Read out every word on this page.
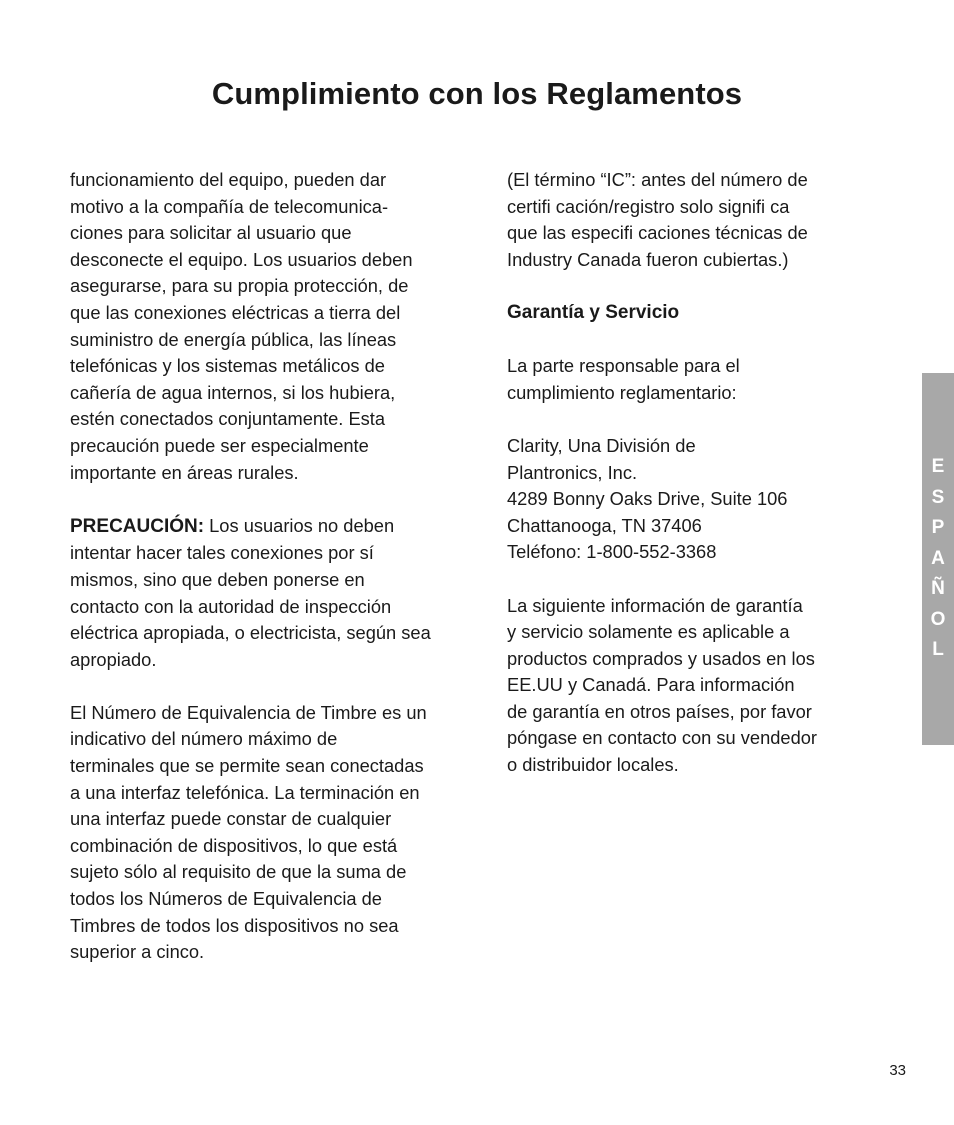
Cumplimiento con los Reglamentos

funcionamiento del equipo, pueden dar
motivo a la compañía de telecomunica-
ciones para solicitar al usuario que
desconecte el equipo. Los usuarios deben
asegurarse, para su propia protección, de
que las conexiones eléctricas a tierra del
suministro de energía pública, las líneas
telefónicas y los sistemas metálicos de
cañería de agua internos, si los hubiera,
estén conectados conjuntamente. Esta
precaución puede ser especialmente
importante en áreas rurales.

PRECAUCIÓN: Los usuarios no deben
intentar hacer tales conexiones por sí
mismos, sino que deben ponerse en
contacto con la autoridad de inspección
eléctrica apropiada, o electricista, según sea
apropiado.

El Número de Equivalencia de Timbre es un
indicativo del número máximo de
terminales que se permite sean conectadas
a una interfaz telefónica. La terminación en
una interfaz puede constar de cualquier
combinación de dispositivos, lo que está
sujeto sólo al requisito de que la suma de
todos los Números de Equivalencia de
Timbres de todos los dispositivos no sea
superior a cinco.

(El término “IC”: antes del número de
certifi cación/registro solo signifi ca
que las especifi caciones técnicas de
Industry Canada fueron cubiertas.)

Garantía y Servicio

La parte responsable para el
cumplimiento reglamentario:

Clarity, Una División de
Plantronics, Inc.
4289 Bonny Oaks Drive, Suite 106
Chattanooga, TN 37406
Teléfono: 1-800-552-3368

La siguiente información de garantía
y servicio solamente es aplicable a
productos comprados y usados en los
EE.UU y Canadá. Para información
de garantía en otros países, por favor
póngase en contacto con su vendedor
o distribuidor locales.

E
S
P
A
Ñ
O
L
33
